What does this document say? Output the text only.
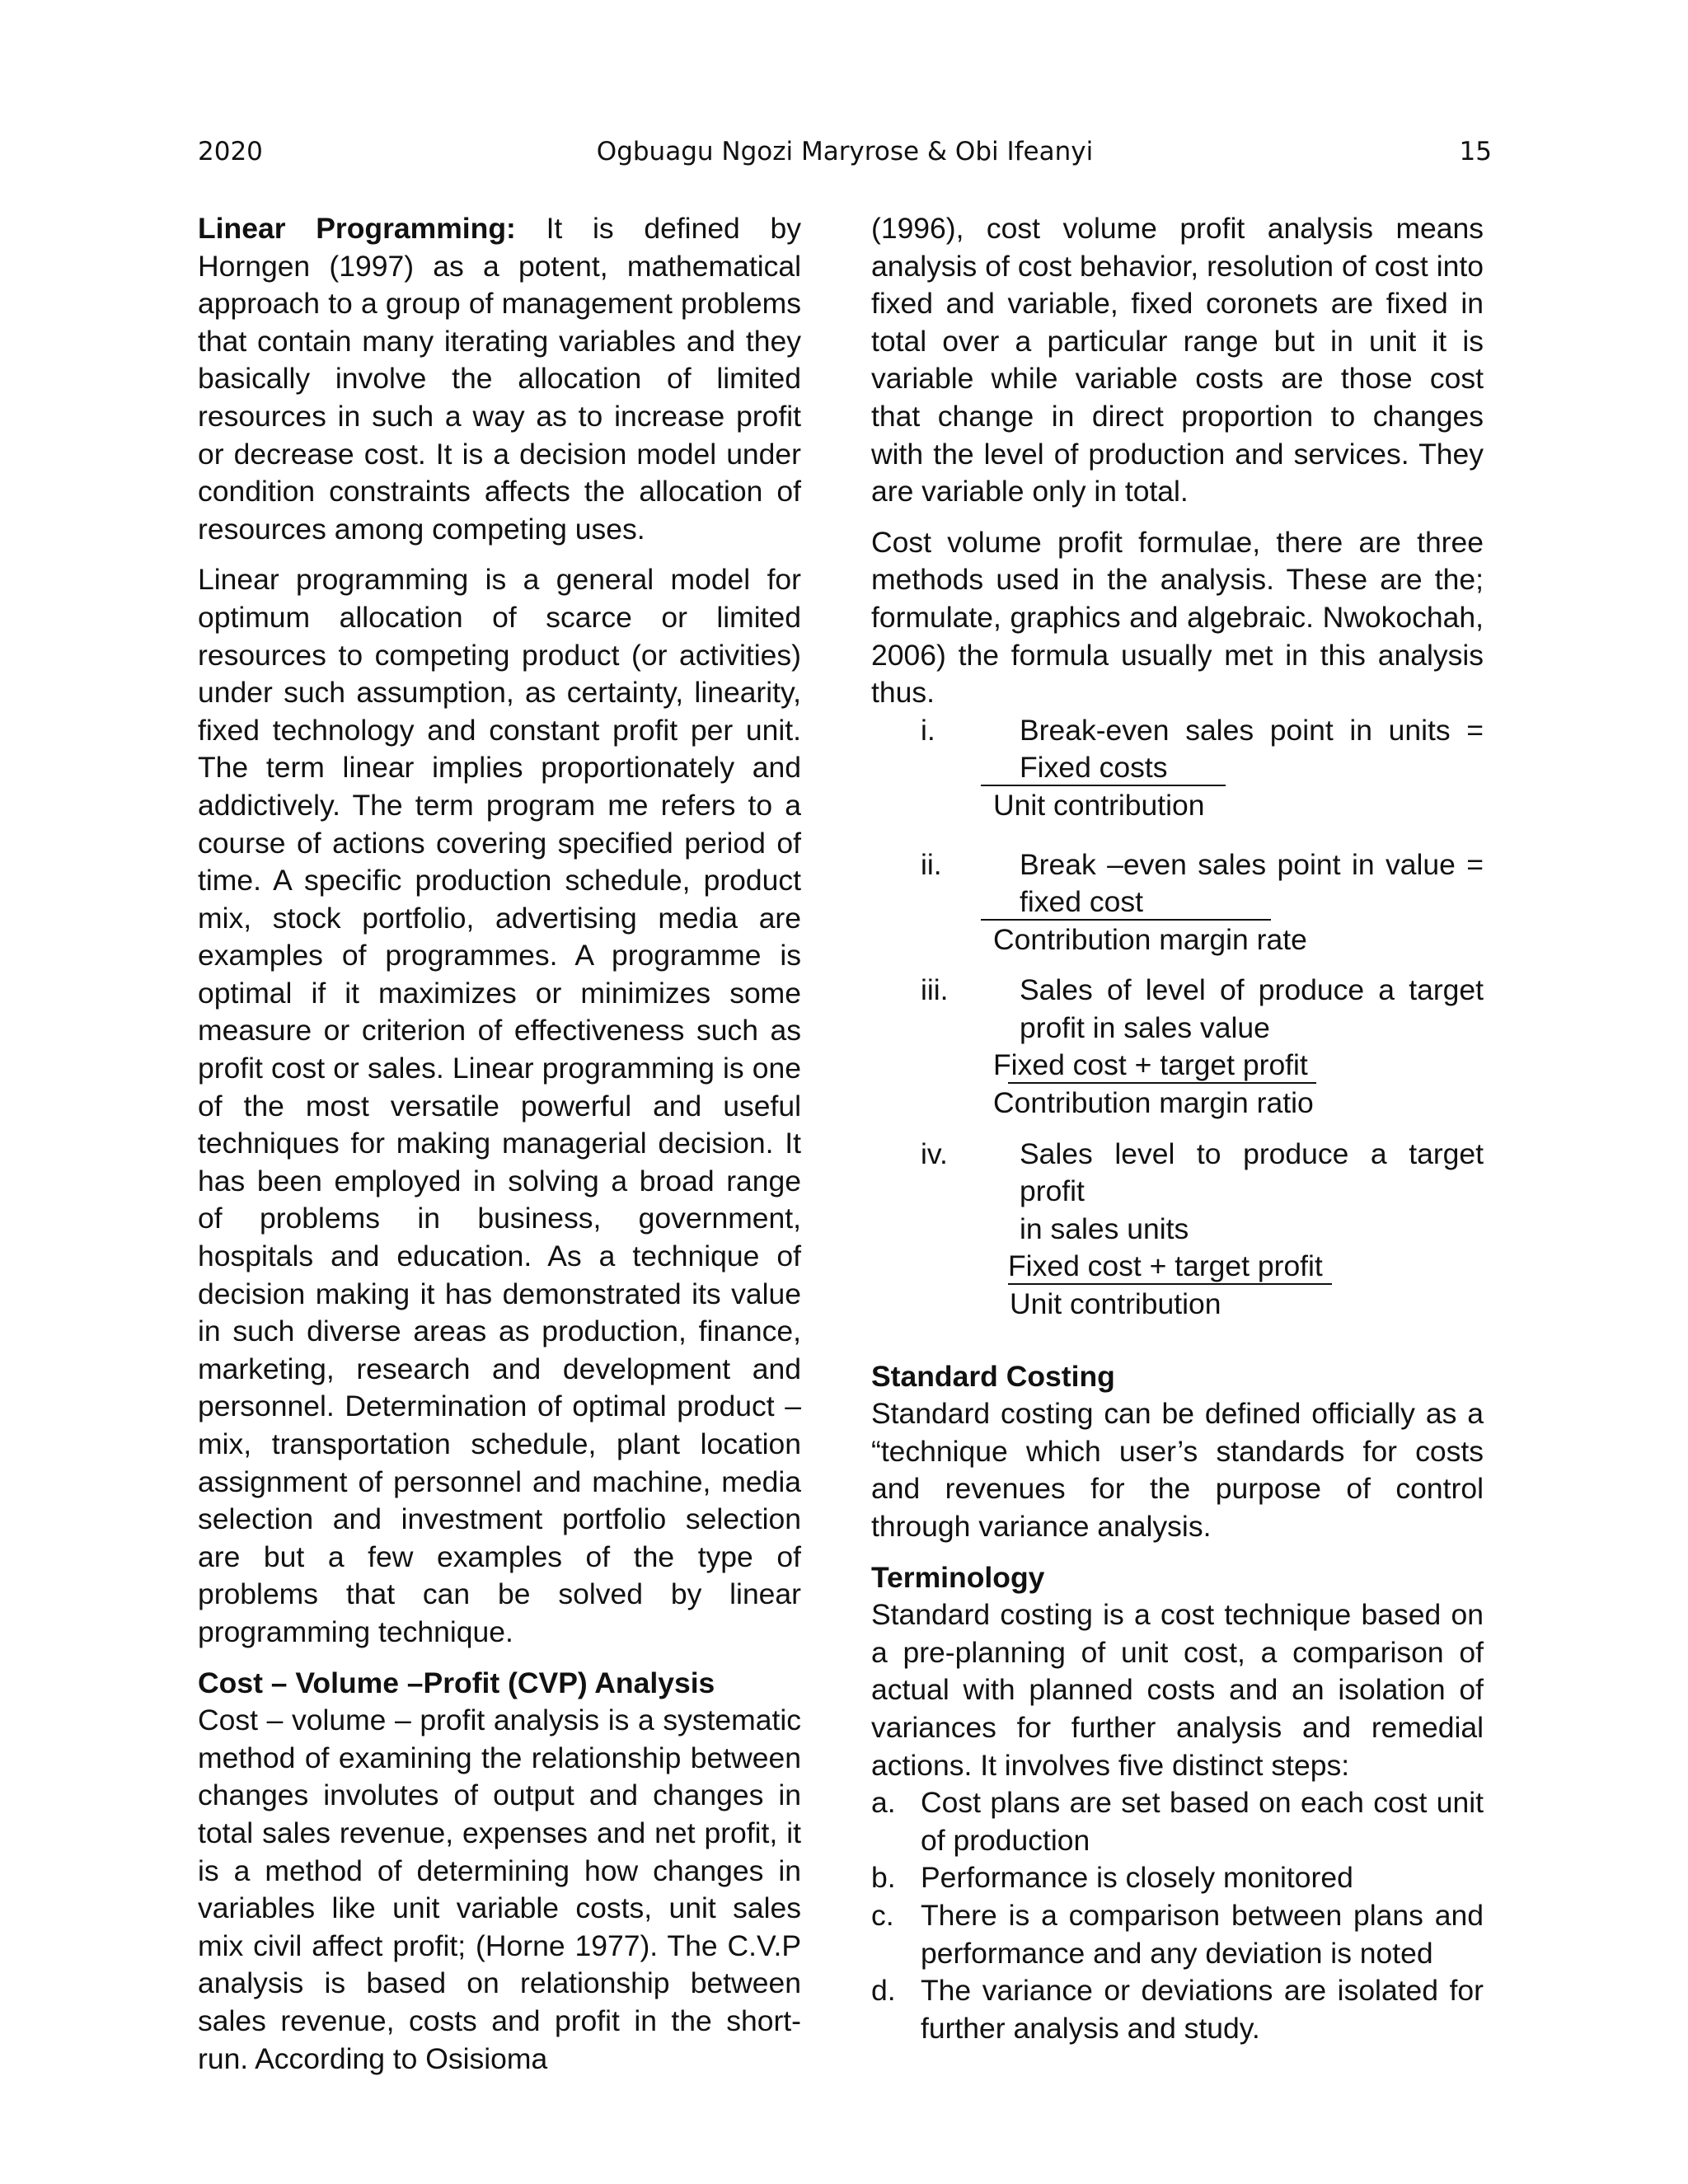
2020	Ogbuagu Ngozi Maryrose & Obi Ifeanyi	15

Linear Programming: It is defined by Horngen (1997) as a potent, mathematical approach to a group of management problems that contain many iterating variables and they basically involve the allocation of limited resources in such a way as to increase profit or decrease cost. It is a decision model under condition constraints affects the allocation of resources among competing uses.

Linear programming is a general model for optimum allocation of scarce or limited resources to competing product (or activities) under such assumption, as certainty, linearity, fixed technology and constant profit per unit. The term linear implies proportionately and addictively. The term program me refers to a course of actions covering specified period of time. A specific production schedule, product mix, stock portfolio, advertising media are examples of programmes. A programme is optimal if it maximizes or minimizes some measure or criterion of effectiveness such as profit cost or sales. Linear programming is one of the most versatile powerful and useful techniques for making managerial decision. It has been employed in solving a broad range of problems in business, government, hospitals and education. As a technique of decision making it has demonstrated its value in such diverse areas as production, finance, marketing, research and development and personnel. Determination of optimal product – mix, transportation schedule, plant location assignment of personnel and machine, media selection and investment portfolio selection are but a few examples of the type of problems that can be solved by linear programming technique.

Cost – Volume –Profit (CVP) Analysis

Cost – volume – profit analysis is a systematic method of examining the relationship between changes involutes of output and changes in total sales revenue, expenses and net profit, it is a method of determining how changes in variables like unit variable costs, unit sales mix civil affect profit; (Horne 1977). The C.V.P analysis is based on relationship between sales revenue, costs and profit in the short-run. According to Osisioma

(1996), cost volume profit analysis means analysis of cost behavior, resolution of cost into fixed and variable, fixed coronets are fixed in total over a particular range but in unit it is variable while variable costs are those cost that change in direct proportion to changes with the level of production and services. They are variable only in total.

Cost volume profit formulae, there are three methods used in the analysis. These are the; formulate, graphics and algebraic. Nwokochah, 2006) the formula usually met in this analysis thus.

i.	Break-even sales point in units =
Fixed costs
Unit contribution
ii.	Break –even sales point in value =
fixed cost
Contribution margin rate
iii.	Sales of level of produce a target
profit in sales value
Fixed cost + target profit
Contribution margin ratio
iv.	Sales level to produce a target profit
in sales units
Fixed cost + target profit
Unit contribution
Standard Costing

Standard costing can be defined officially as a “technique which user’s standards for costs and revenues for the purpose of control through variance analysis.

Terminology

Standard costing is a cost technique based on a pre-planning of unit cost, a comparison of actual with planned costs and an isolation of variances for further analysis and remedial actions. It involves five distinct steps:

a. Cost plans are set based on each cost unit of production
b. Performance is closely monitored
c. There is a comparison between plans and performance and any deviation is noted
d. The variance or deviations are isolated for further analysis and study.
